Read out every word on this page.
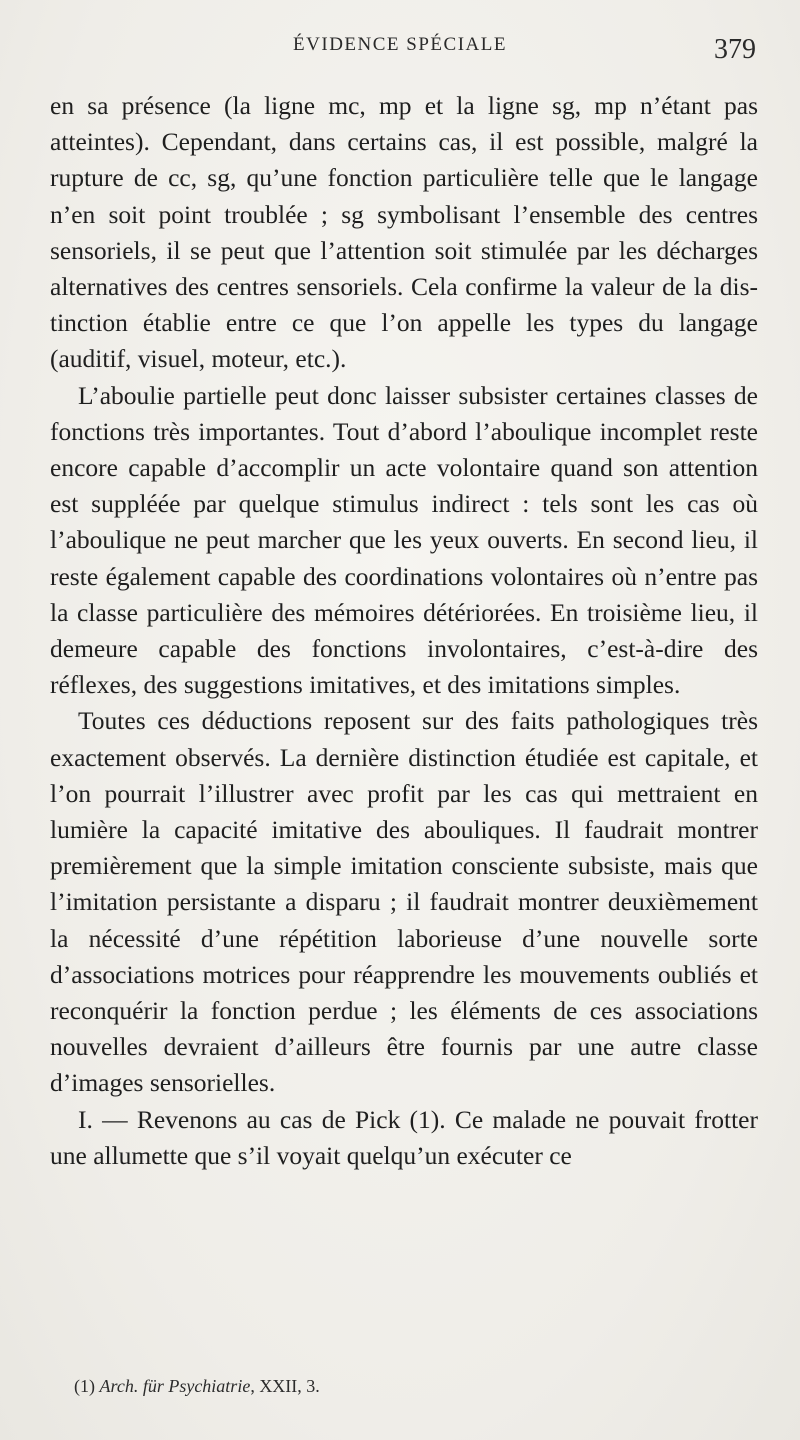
ÉVIDENCE SPÉCIALE	379

en sa présence (la ligne mc, mp et la ligne sg, mp n’étant pas atteintes). Cependant, dans certains cas, il est possible, malgré la rupture de cc, sg, qu’une fonction particulière telle que le langage n’en soit point troublée ; sg symbolisant l’ensemble des centres sensoriels, il se peut que l’attention soit stimulée par les décharges alternatives des centres sensoriels. Cela confirme la valeur de la distinction établie entre ce que l’on appelle les types du langage (auditif, visuel, moteur, etc.).

L’aboulie partielle peut donc laisser subsister certaines classes de fonctions très importantes. Tout d’abord l’aboulique incomplet reste encore capable d’accomplir un acte volontaire quand son attention est suppléée par quelque stimulus indirect : tels sont les cas où l’aboulique ne peut marcher que les yeux ouverts. En second lieu, il reste également capable des coordinations volontaires où n’entre pas la classe particulière des mémoires détériorées. En troisième lieu, il demeure capable des fonctions involontaires, c’est-à-dire des réflexes, des suggestions imitatives, et des imitations simples.

Toutes ces déductions reposent sur des faits pathologiques très exactement observés. La dernière distinction étudiée est capitale, et l’on pourrait l’illustrer avec profit par les cas qui mettraient en lumière la capacité imitative des abouliques. Il faudrait montrer premièrement que la simple imitation consciente subsiste, mais que l’imitation persistante a disparu ; il faudrait montrer deuxièmement la nécessité d’une répétition laborieuse d’une nouvelle sorte d’associations motrices pour réapprendre les mouvements oubliés et reconquérir la fonction perdue ; les éléments de ces associations nouvelles devraient d’ailleurs être fournis par une autre classe d’images sensorielles.

I. — Revenons au cas de Pick (1). Ce malade ne pouvait frotter une allumette que s’il voyait quelqu’un exécuter ce

(1) Arch. für Psychiatrie, XXII, 3.
